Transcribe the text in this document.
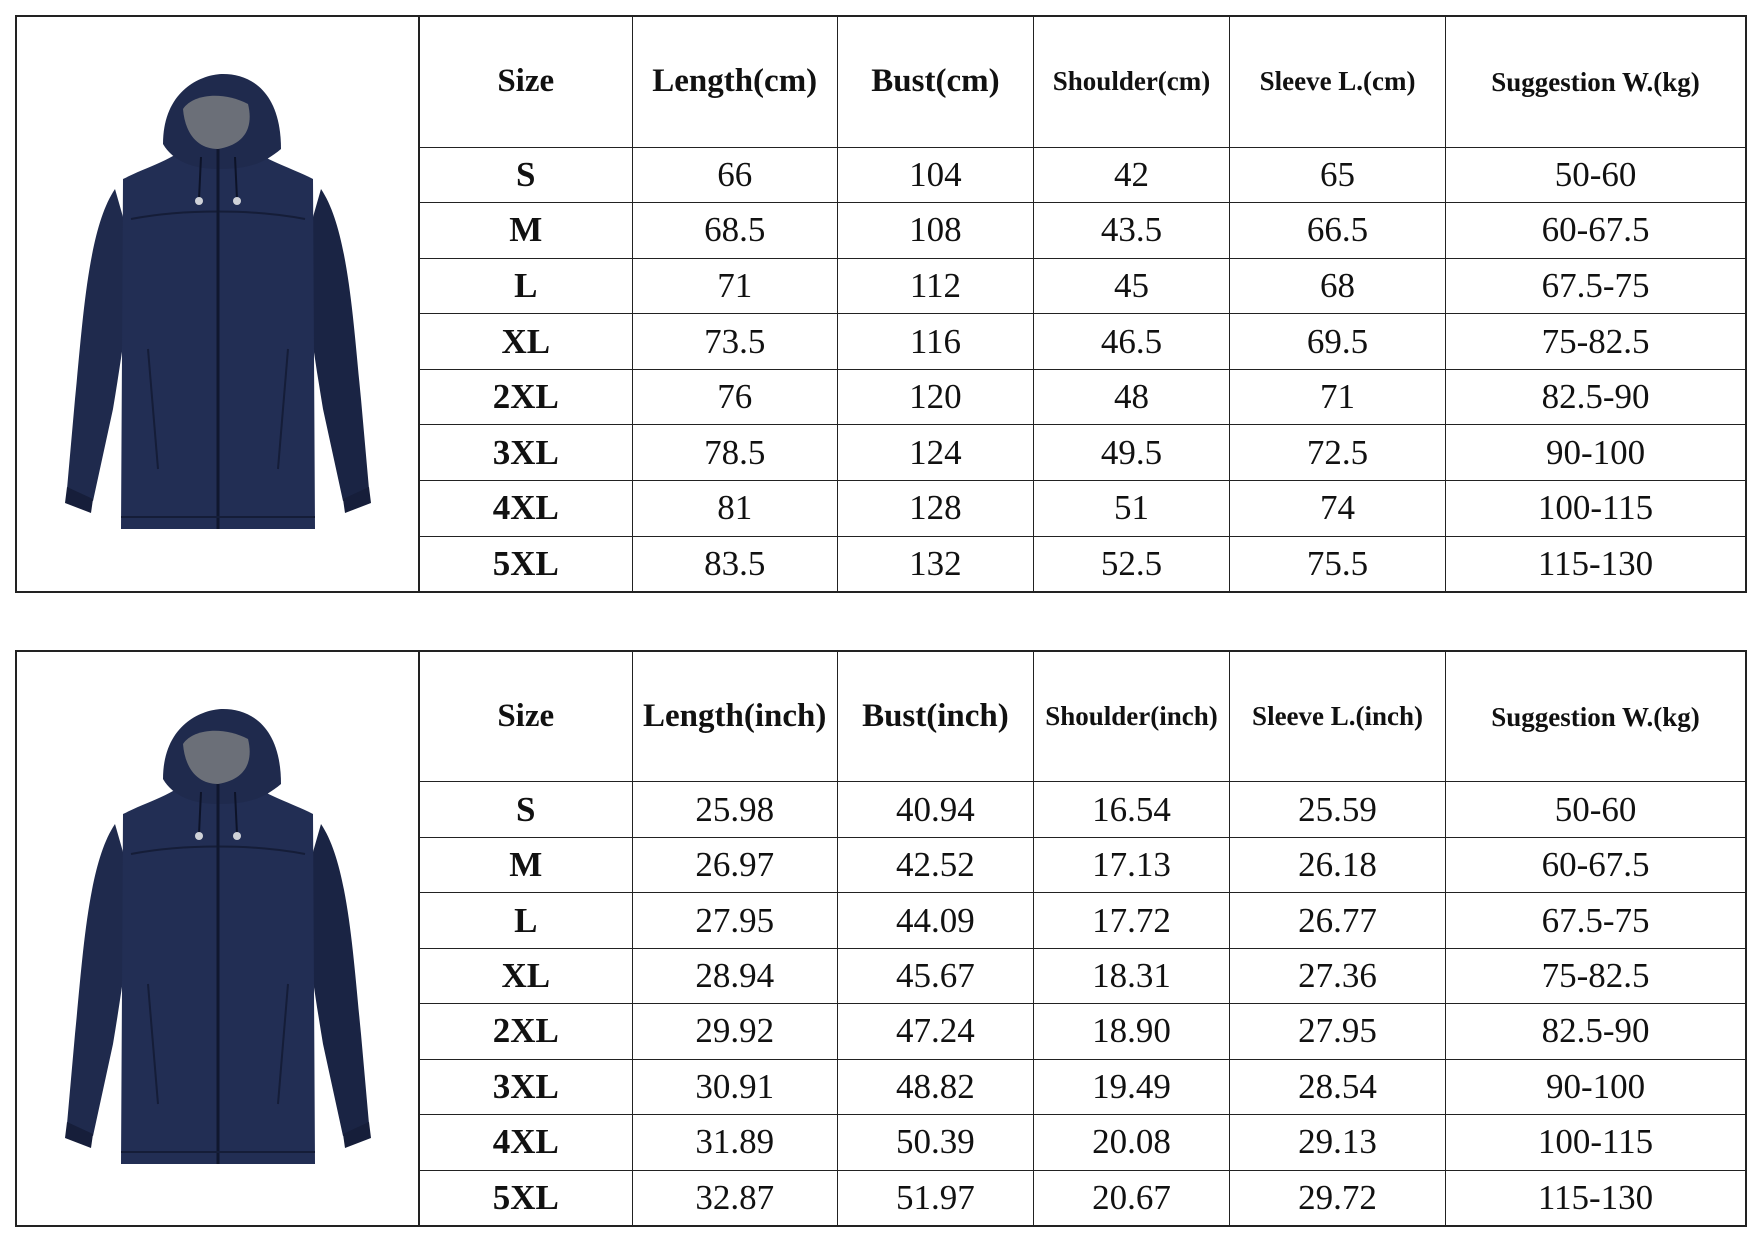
Size	Length(cm)	Bust(cm)	Shoulder(cm)	Sleeve L.(cm)	Suggestion W.(kg)
S	66	104	42	65	50-60
M	68.5	108	43.5	66.5	60-67.5
L	71	112	45	68	67.5-75
XL	73.5	116	46.5	69.5	75-82.5
2XL	76	120	48	71	82.5-90
3XL	78.5	124	49.5	72.5	90-100
4XL	81	128	51	74	100-115
5XL	83.5	132	52.5	75.5	115-130
Size	Length(inch)	Bust(inch)	Shoulder(inch)	Sleeve L.(inch)	Suggestion W.(kg)
S	25.98	40.94	16.54	25.59	50-60
M	26.97	42.52	17.13	26.18	60-67.5
L	27.95	44.09	17.72	26.77	67.5-75
XL	28.94	45.67	18.31	27.36	75-82.5
2XL	29.92	47.24	18.90	27.95	82.5-90
3XL	30.91	48.82	19.49	28.54	90-100
4XL	31.89	50.39	20.08	29.13	100-115
5XL	32.87	51.97	20.67	29.72	115-130
